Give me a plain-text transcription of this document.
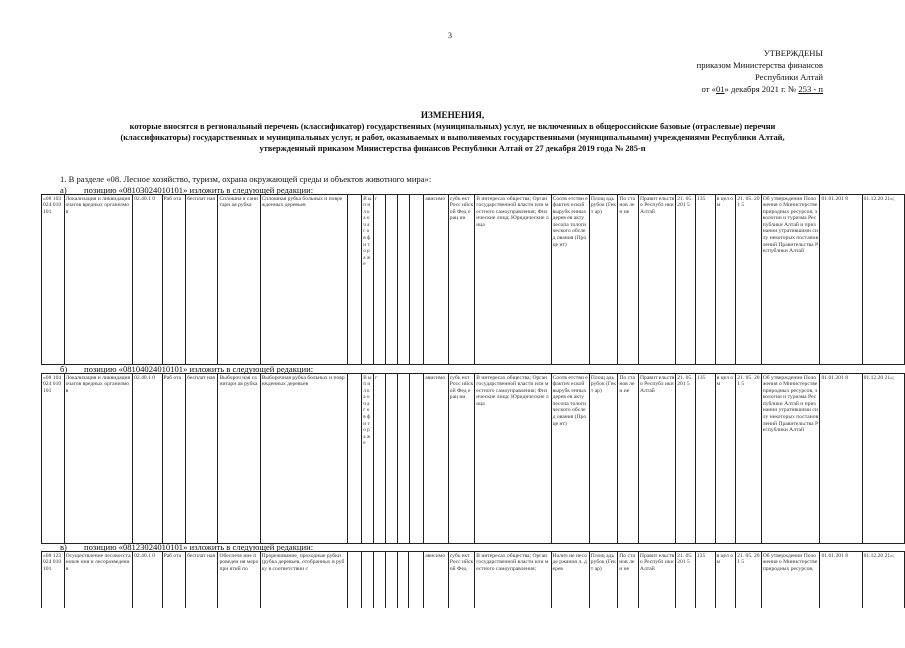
3
УТВЕРЖДЕНЫ
приказом Министерства финансов
Республики Алтай
от «01» декабря 2021 г. № 253 - п
ИЗМЕНЕНИЯ,
которые вносятся в региональный перечень (классификатор) государственных (муниципальных) услуг, не включенных в общероссийские базовые (отраслевые) перечни
(классификаторы) государственных и муниципальных услуг, и работ, оказываемых и выполняемых государственными (муниципальными) учреждениями Республики Алтай,
утвержденный приказом Министерства финансов Республики Алтай от 27 декабря 2019 года № 285-п
1. В разделе «08. Лесное хозяйство, туризм, охрана окружающей среды и объектов животного мира»:
а) позицию «08103024010101» изложить в следующей редакции:
«08 103 024 010 101	Локализация и ликвидация очагов вредных организмов	02.40.1 0	Раб ота	бесплат ная	Сплошна я санитарн ая рубка	Сплошная рубка больных и поврежденных деревьев		В ы п и л к а о ч а г о в ф и т о р а ж е	г				ависимо	субъ ект Росс ийск ой Фед ерац ии	В интересах общества; Орган государственной власти или местного самоуправления; Физические лица; Юридические лица	Соотв етстви е фактич еской вырубк енных дерев ев акту лесопа тологи ческого обслед ования (Проце нт)	Площ адь рубок (Гект ар)	По ста нов лен ие	Правит ельство Республ ики Алтай	21. 05. 201 5	135	в цел ом	21. 05. 201 5	Об утверждении Положения о Министерстве природных ресурсов, экологии и туризма Республики Алтай и признании утратившими силу некоторых постановлений Правительства Республики Алтай	01.01.201 8	01.12.20 21»;
б) позицию «08104024010101» изложить в следующей редакции:
«08 104 024 010 101	Локализация и ликвидация очагов вредных организмов	02.40.1 0	Раб ота	бесплат ная	Выбороч ная санитарн ая рубка	Выборочная рубка больных и поврежденных деревьев		В ы п и л к а о ч а г о в ф и т о р а ж е	г				ависимо	субъ ект Росс ийск ой Фед ерац ии	В интересах общества; Орган государственной власти или местного самоуправления; Физические лица; Юридические лица	Соотв етстви е фактич еской вырубк енных дерев ев акту лесопа тологи ческого обслед ования (Проце нт)	Площ адь рубок (Гект ар)	По ста нов лен ие	Правит ельство Республ ики Алтай	21. 05. 201 5	135	в цел ом	21. 05. 201 5	Об утверждении Положения о Министерстве природных ресурсов, экологии и туризма Республики Алтай и признании утратившими силу некоторых постановлений Правительства Республики Алтай	01.01.201 8	01.12.20 21»;
в) позицию «08123024010101» изложить в следующей редакции:
«08 123 024 010 101	Осуществление лесовосстановле ния и лесоразведения	02.40.1 0	Раб ота	бесплат ная	Обеспече ние проведен ия меропри ятий по	Прореживание, проходные рубки (рубка деревьев, отобранных в рубку в соответствии с							ависимо	субъ ект Росс ийск ой Фед	В интересах общества; Орган государственной власти или местного самоуправления;	Налич ие несоде ржания л. дерев	Площ адь рубок (Гект ар)	По ста нов лен ие	Правит ельство Республ ики Алтай	21. 05. 201 5	135	в цел ом	21. 05. 201 5	Об утверждении Положения о Министерстве природных ресурсов,	01.01.201 8	01.12.20 21»;
